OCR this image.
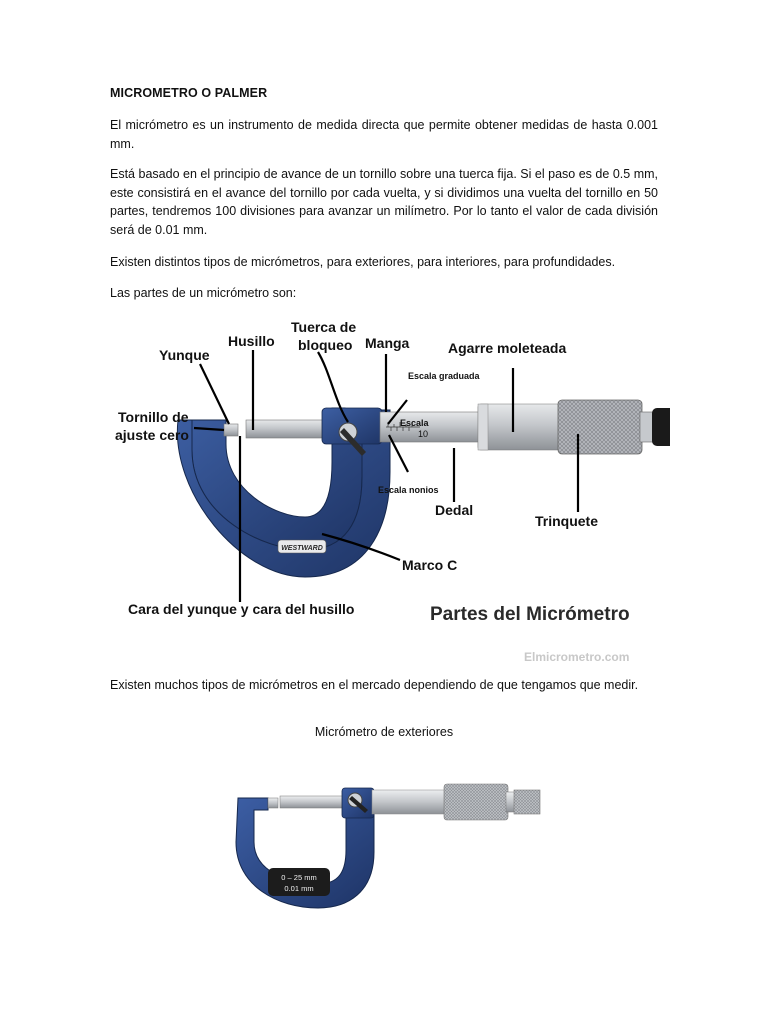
MICROMETRO O PALMER
El micrómetro es un instrumento de medida directa que permite obtener medidas de hasta 0.001 mm.
Está basado en el principio de avance de un tornillo sobre una tuerca fija. Si el paso es de 0.5 mm, este consistirá en el avance del tornillo por cada vuelta, y si dividimos una vuelta del tornillo en 50 partes, tendremos 100 divisiones para avanzar un milímetro. Por lo tanto el valor de cada división será de 0.01 mm.
Existen distintos tipos de micrómetros, para exteriores, para interiores, para profundidades.
Las partes de un micrómetro son:
WESTWARD
Yunque
Husillo
Tuerca de
bloqueo Manga	Agarre moleteada
Tornillo de
ajuste cero
Dedal
Trinquete
Marco C
Cara del yunque y cara del husillo
Escala graduada
Escala
10
Escala nonios
Partes del Micrómetro
Elmicrometro.com
Existen muchos tipos de micrómetros en el mercado dependiendo de que tengamos que medir.
Micrómetro de exteriores
0 – 25 mm
0.01 mm
